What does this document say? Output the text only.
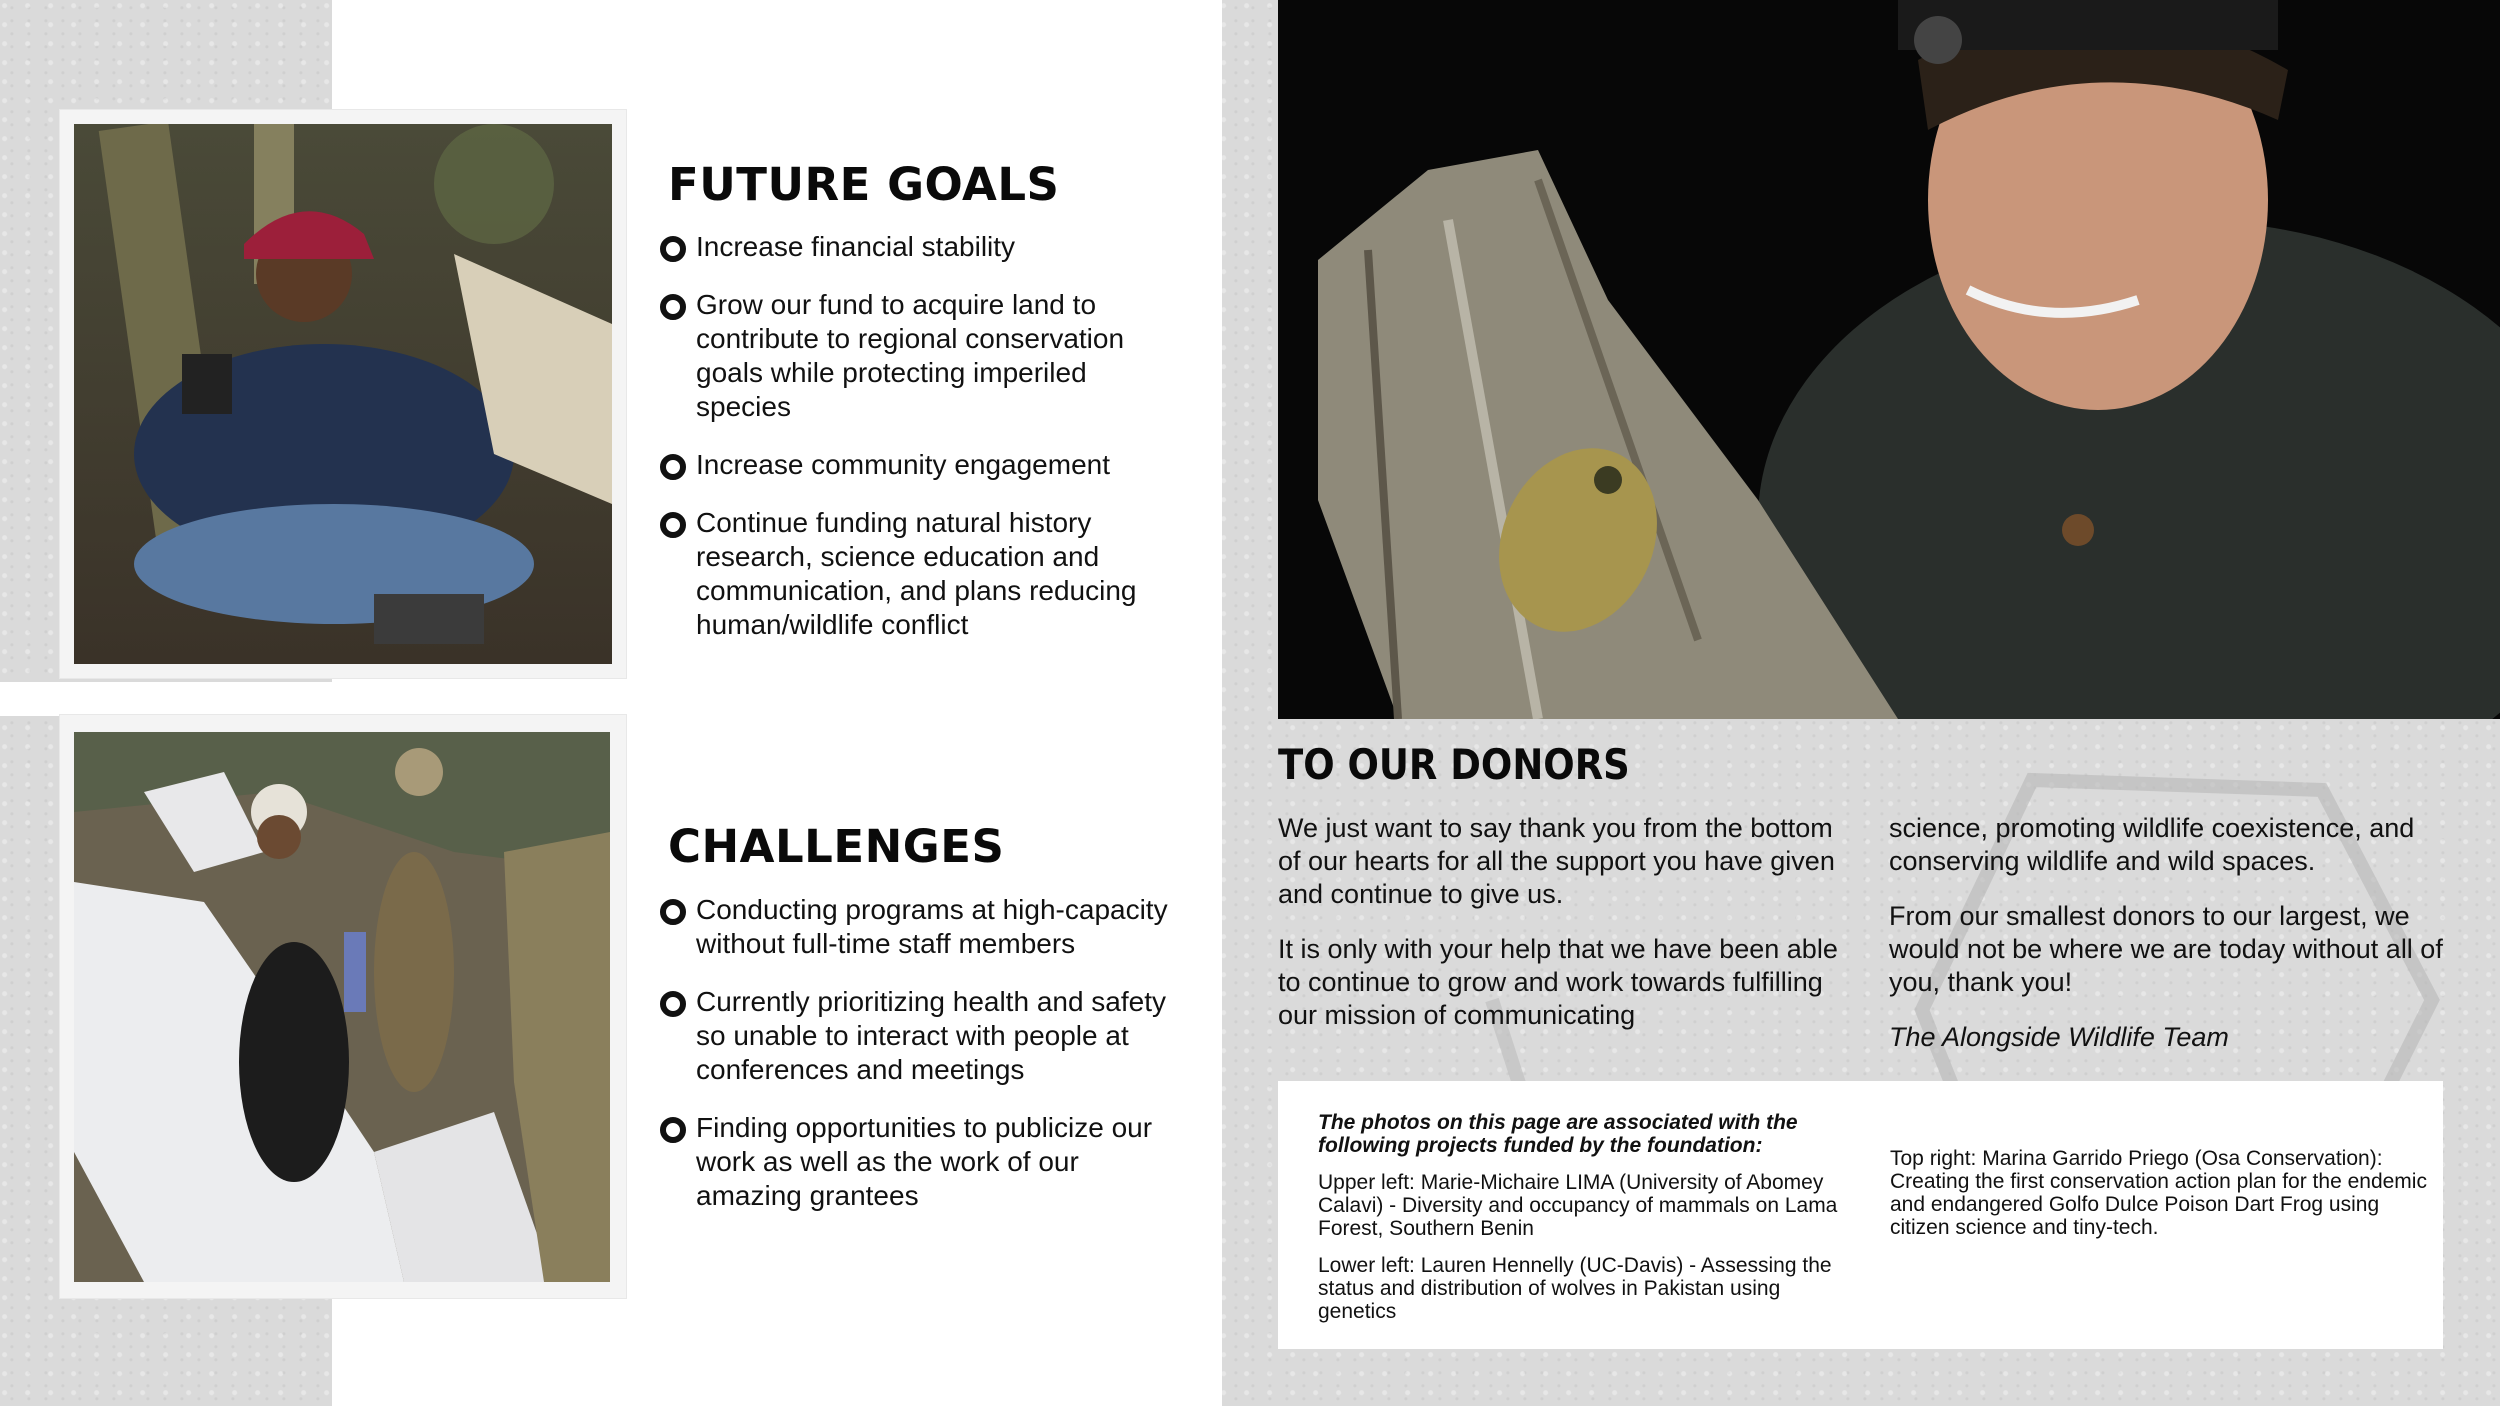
FUTURE GOALS
Increase financial stability
Grow our fund to acquire land to contribute to regional conservation goals while protecting imperiled species
Increase community engagement
Continue funding natural history research, science education and communication, and plans reducing human/wildlife conflict
CHALLENGES
Conducting programs at high-capacity without full-time staff members
Currently prioritizing health and safety so unable to interact with people at conferences and meetings
Finding opportunities to publicize our work as well as the work of our amazing grantees
TO OUR DONORS

We just want to say thank you from the bottom of our hearts for all the support you have given and continue to give us.

It is only with your help that we have been able to continue to grow and work towards fulfilling our mission of communicating

science, promoting wildlife coexistence, and conserving wildlife and wild spaces.

From our smallest donors to our largest, we would not be where we are today without all of you, thank you!

The Alongside Wildlife Team

The photos on this page are associated with the following projects funded by the foundation:

Upper left: Marie-Michaire LIMA (University of Abomey Calavi) - Diversity and occupancy of mammals on Lama Forest, Southern Benin

Lower left: Lauren Hennelly (UC-Davis) - Assessing the status and distribution of wolves in Pakistan using genetics

Top right: Marina Garrido Priego (Osa Conservation): Creating the first conservation action plan for the endemic and endangered Golfo Dulce Poison Dart Frog using citizen science and tiny-tech.
